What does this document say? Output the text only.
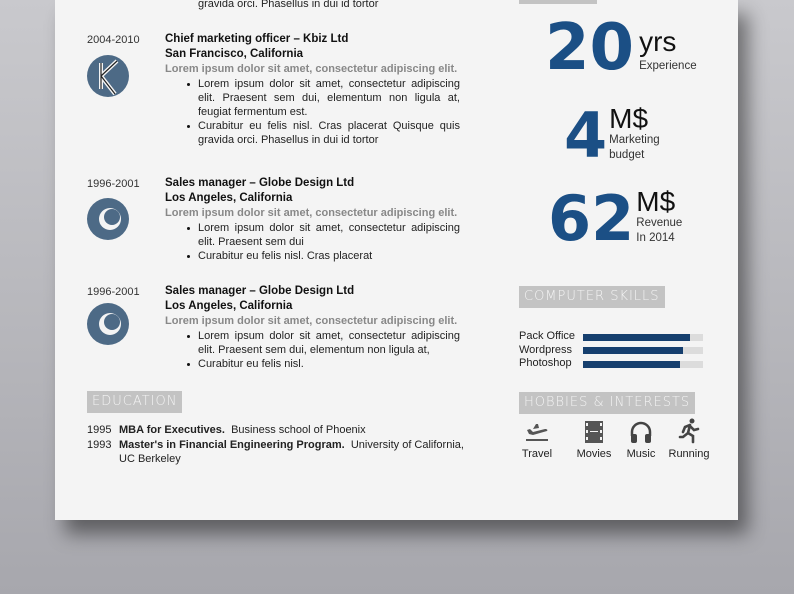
gravida orci. Phasellus in dui id tortor
2004-2010 Chief marketing officer – Kbiz Ltd
San Francisco, California
Lorem ipsum dolor sit amet, consectetur adipiscing elit.
Lorem ipsum dolor sit amet, consectetur adipiscing elit. Praesent sem dui, elementum non ligula at, feugiat fermentum est.
Curabitur eu felis nisl. Cras placerat Quisque quis gravida orci. Phasellus in dui id tortor
1996-2001 Sales manager – Globe Design Ltd
Los Angeles, California
Lorem ipsum dolor sit amet, consectetur adipiscing elit.
Lorem ipsum dolor sit amet, consectetur adipiscing elit. Praesent sem dui
Curabitur eu felis nisl. Cras placerat
1996-2001 Sales manager – Globe Design Ltd
Los Angeles, California
Lorem ipsum dolor sit amet, consectetur adipiscing elit.
Lorem ipsum dolor sit amet, consectetur adipiscing elit. Praesent sem dui, elementum non ligula at,
Curabitur eu felis nisl.
EDUCATION
1995 MBA for Executives. Business school of Phoenix
1993 Master's in Financial Engineering Program. University of California, UC Berkeley
20 yrs
Experience
4 M$
Marketing
budget
62 M$
Revenue
In 2014
COMPUTER SKILLS
Pack Office
Wordpress
Photoshop
HOBBIES & INTERESTS
Travel	Movies	Music	Running
